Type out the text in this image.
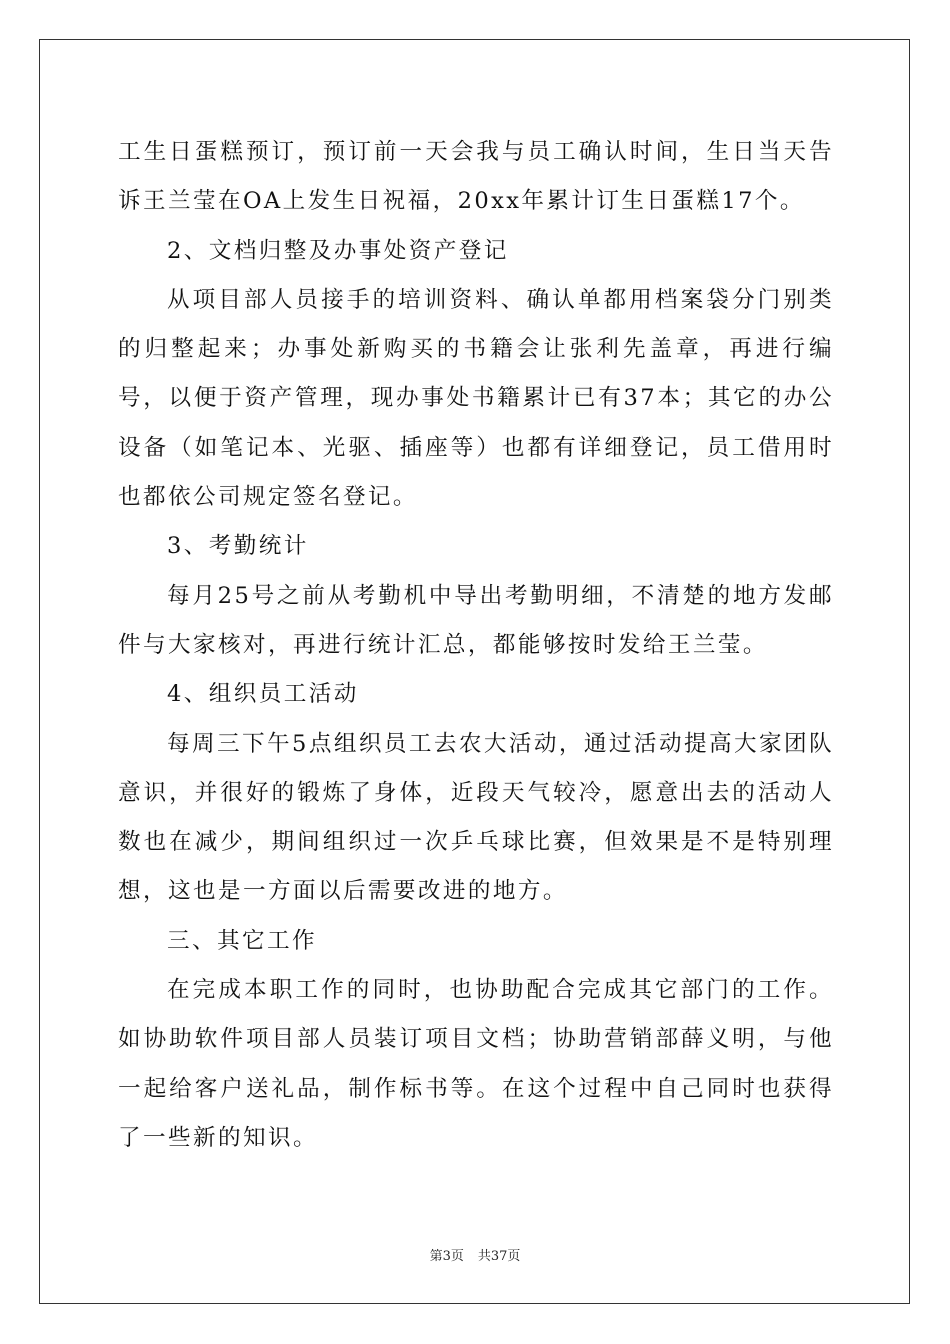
工生日蛋糕预订，预订前一天会我与员工确认时间，生日当天告诉王兰莹在OA上发生日祝福，20xx年累计订生日蛋糕17个。

2、文档归整及办事处资产登记

从项目部人员接手的培训资料、确认单都用档案袋分门别类的归整起来；办事处新购买的书籍会让张利先盖章，再进行编号，以便于资产管理，现办事处书籍累计已有37本；其它的办公设备（如笔记本、光驱、插座等）也都有详细登记，员工借用时也都依公司规定签名登记。

3、考勤统计

每月25号之前从考勤机中导出考勤明细，不清楚的地方发邮件与大家核对，再进行统计汇总，都能够按时发给王兰莹。

4、组织员工活动

每周三下午5点组织员工去农大活动，通过活动提高大家团队意识，并很好的锻炼了身体，近段天气较冷，愿意出去的活动人数也在减少，期间组织过一次乒乓球比赛，但效果是不是特别理想，这也是一方面以后需要改进的地方。

三、其它工作

在完成本职工作的同时，也协助配合完成其它部门的工作。如协助软件项目部人员装订项目文档；协助营销部薛义明，与他一起给客户送礼品，制作标书等。在这个过程中自己同时也获得了一些新的知识。

第3页 共37页
